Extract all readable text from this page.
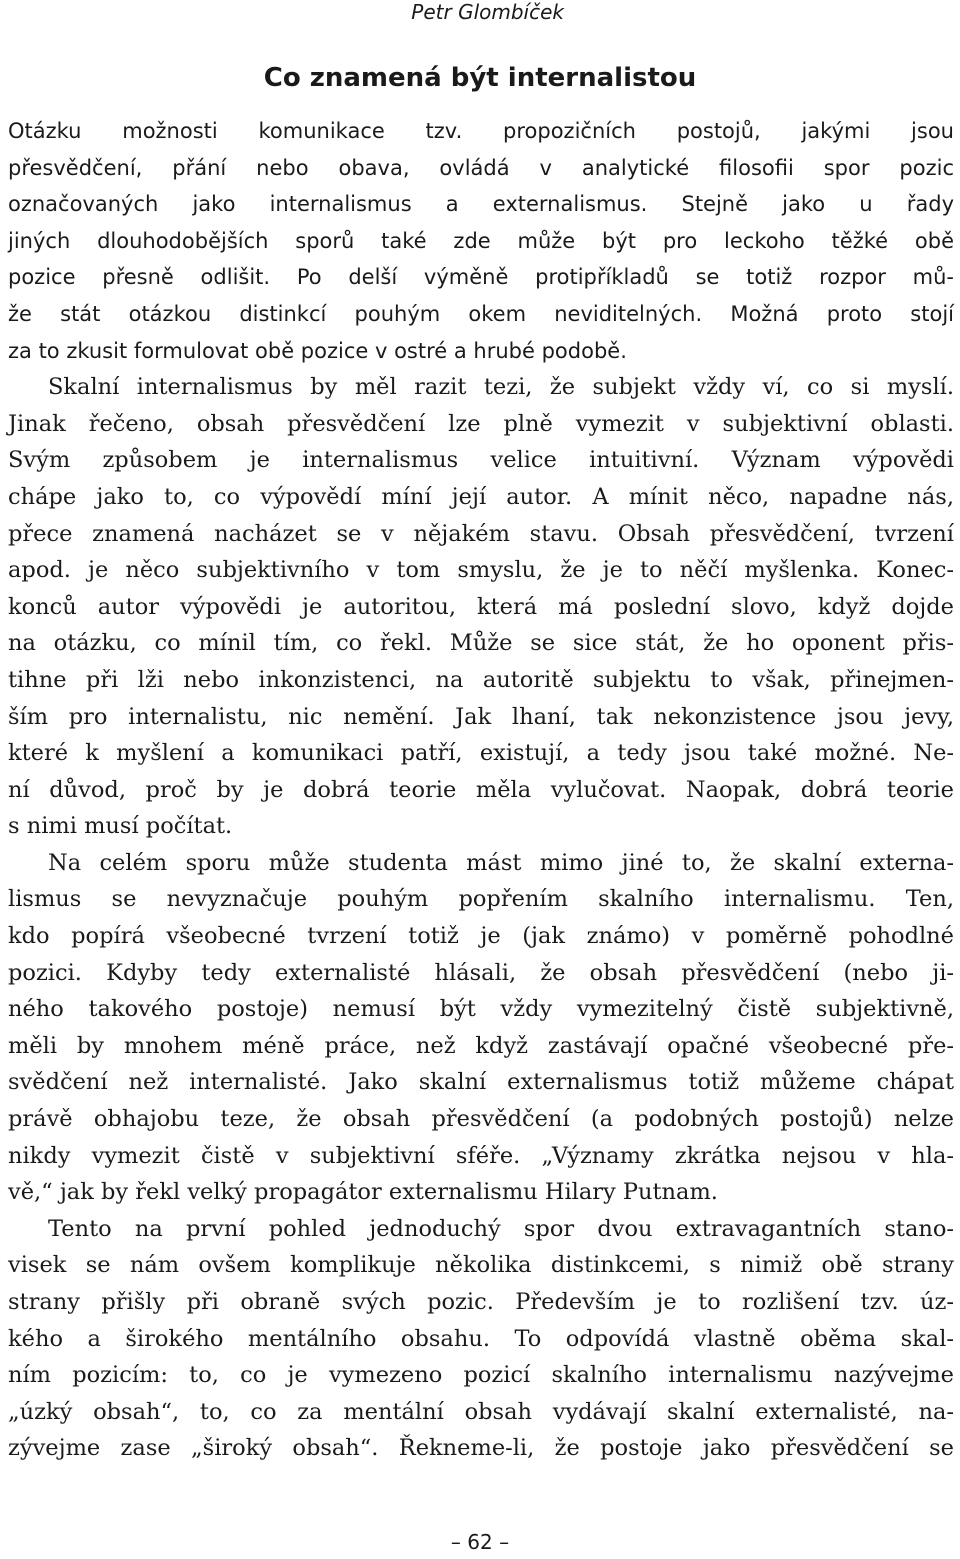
Petr Glombíček
Co znamená být internalistou
Otázku možnosti komunikace tzv. propozičních postojů, jakými jsou
přesvědčení, přání nebo obava, ovládá v analytické filosofii spor pozic
označovaných jako internalismus a externalismus. Stejně jako u řady
jiných dlouhodobějších sporů také zde může být pro leckoho těžké obě
pozice přesně odlišit. Po delší výměně protipříkladů se totiž rozpor mů-
že stát otázkou distinkcí pouhým okem neviditelných. Možná proto stojí
za to zkusit formulovat obě pozice v ostré a hrubé podobě.
Skalní internalismus by měl razit tezi, že subjekt vždy ví, co si myslí.
Jinak řečeno, obsah přesvědčení lze plně vymezit v subjektivní oblasti.
Svým způsobem je internalismus velice intuitivní. Význam výpovědi
chápe jako to, co výpovědí míní její autor. A mínit něco, napadne nás,
přece znamená nacházet se v nějakém stavu. Obsah přesvědčení, tvrzení
apod. je něco subjektivního v tom smyslu, že je to něčí myšlenka. Konec-
konců autor výpovědi je autoritou, která má poslední slovo, když dojde
na otázku, co mínil tím, co řekl. Může se sice stát, že ho oponent přis-
tihne při lži nebo inkonzistenci, na autoritě subjektu to však, přinejmen-
ším pro internalistu, nic nemění. Jak lhaní, tak nekonzistence jsou jevy,
které k myšlení a komunikaci patří, existují, a tedy jsou také možné. Ne-
ní důvod, proč by je dobrá teorie měla vylučovat. Naopak, dobrá teorie
s nimi musí počítat.
Na celém sporu může studenta mást mimo jiné to, že skalní externa-
lismus se nevyznačuje pouhým popřením skalního internalismu. Ten,
kdo popírá všeobecné tvrzení totiž je (jak známo) v poměrně pohodlné
pozici. Kdyby tedy externalisté hlásali, že obsah přesvědčení (nebo ji-
ného takového postoje) nemusí být vždy vymezitelný čistě subjektivně,
měli by mnohem méně práce, než když zastávají opačné všeobecné pře-
svědčení než internalisté. Jako skalní externalismus totiž můžeme chápat
právě obhajobu teze, že obsah přesvědčení (a podobných postojů) nelze
nikdy vymezit čistě v subjektivní sféře. „Významy zkrátka nejsou v hla-
vě,“ jak by řekl velký propagátor externalismu Hilary Putnam.
Tento na první pohled jednoduchý spor dvou extravagantních stano-
visek se nám ovšem komplikuje několika distinkcemi, s nimiž obě strany
strany přišly při obraně svých pozic. Především je to rozlišení tzv. úz-
kého a širokého mentálního obsahu. To odpovídá vlastně oběma skal-
ním pozicím: to, co je vymezeno pozicí skalního internalismu nazývejme
„úzký obsah“, to, co za mentální obsah vydávají skalní externalisté, na-
zývejme zase „široký obsah“. Řekneme-li, že postoje jako přesvědčení se
– 62 –
